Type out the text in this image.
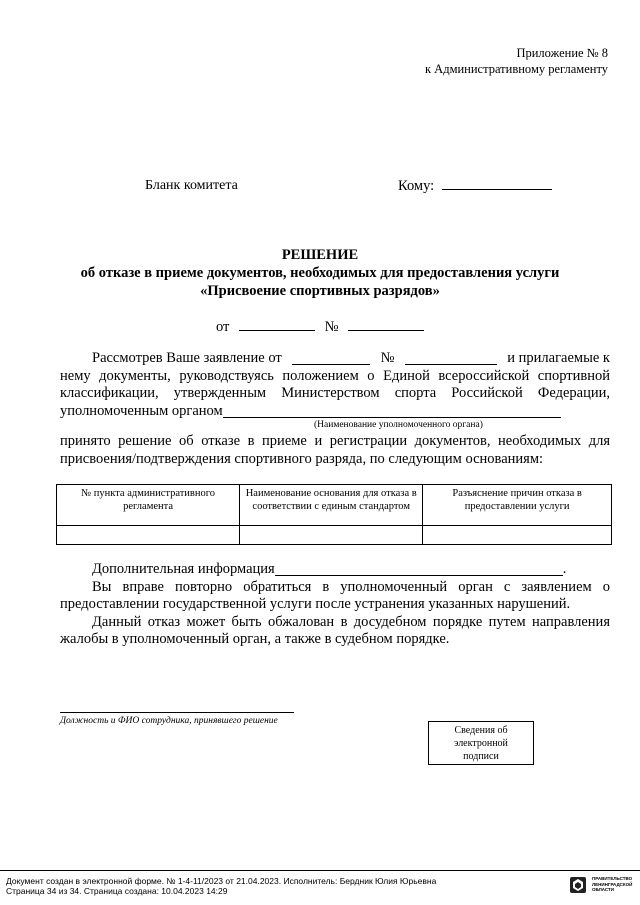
Приложение № 8
к Административному регламенту
Бланк комитета	Кому:
РЕШЕНИЕ
об отказе в приеме документов, необходимых для предоставления услуги
«Присвоение спортивных разрядов»
от	№
Рассмотрев Ваше заявление от	№	и прилагаемые к
нему документы, руководствуясь положением о Единой всероссийской спортивной
классификации, утвержденным Министерством спорта Российской Федерации,
уполномоченным органом
(Наименование уполномоченного органа)
принято решение об отказе в приеме и регистрации документов, необходимых для
присвоения/подтверждения спортивного разряда, по следующим основаниям:
№ пункта административного регламента	Наименование основания для отказа в соответствии с единым стандартом	Разъяснение причин отказа в предоставлении услуги

Дополнительная информация	.
Вы вправе повторно обратиться в уполномоченный орган с заявлением о
предоставлении государственной услуги после устранения указанных нарушений.
Данный отказ может быть обжалован в досудебном порядке путем направления
жалобы в уполномоченный орган, а также в судебном порядке.
Должность и ФИО сотрудника, принявшего решение
Сведения об
электронной
подписи
Документ создан в электронной форме. № 1-4-11/2023 от 21.04.2023. Исполнитель: Бердник Юлия Юрьевна
Страница 34 из 34. Страница создана: 10.04.2023 14:29
ПРАВИТЕЛЬСТВО
ЛЕНИНГРАДСКОЙ
ОБЛАСТИ
